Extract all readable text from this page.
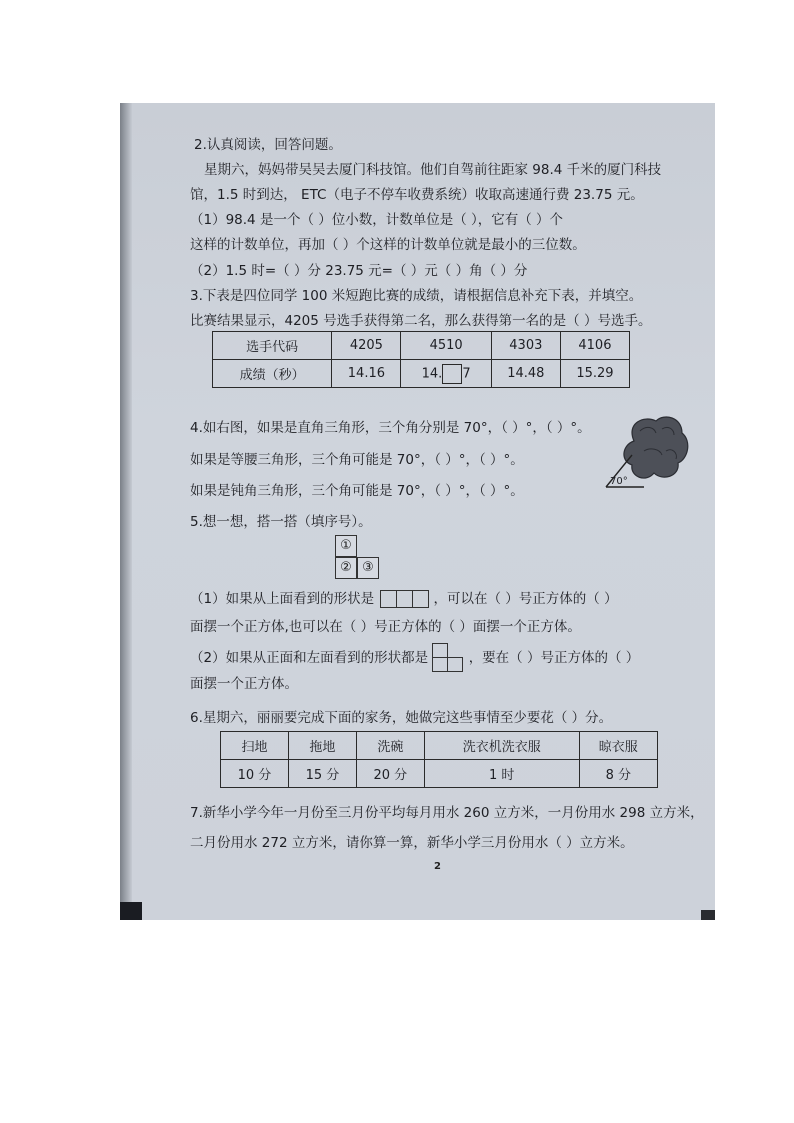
2.认真阅读，回答问题。
星期六，妈妈带吴吴去厦门科技馆。他们自驾前往距家 98.4 千米的厦门科技
馆，1.5 时到达， ETC（电子不停车收费系统）收取高速通行费 23.75 元。
（1）98.4 是一个（ ）位小数，计数单位是（ ），它有（ ）个
这样的计数单位，再加（ ）个这样的计数单位就是最小的三位数。
（2）1.5 时=（ ）分 23.75 元=（ ）元（ ）角（ ）分
3.下表是四位同学 100 米短跑比赛的成绩，请根据信息补充下表，并填空。
比赛结果显示，4205 号选手获得第二名，那么获得第一名的是（ ）号选手。
选手代码	4205	4510	4303	4106
成绩（秒）	14.16	14. 7	14.48	15.29
4.如右图，如果是直角三角形，三个角分别是 70°，（ ）°，（ ）°。
如果是等腰三角形，三个角可能是 70°，（ ）°，（ ）°。
如果是钝角三角形，三个角可能是 70°，（ ）°，（ ）°。
70°
5.想一想，搭一搭（填序号）。
①
② ③
（1）如果从上面看到的形状是	，可以在（ ）号正方体的（ ）
面摆一个正方体,也可以在（ ）号正方体的（ ）面摆一个正方体。
（2）如果从正面和左面看到的形状都是	，要在（ ）号正方体的（ ）
面摆一个正方体。
6.星期六，丽丽要完成下面的家务，她做完这些事情至少要花（ ）分。
扫地	拖地	洗碗	洗衣机洗衣服	晾衣服
10 分	15 分	20 分	1 时	8 分
7.新华小学今年一月份至三月份平均每月用水 260 立方米，一月份用水 298 立方米，
二月份用水 272 立方米，请你算一算，新华小学三月份用水（ ）立方米。
2
